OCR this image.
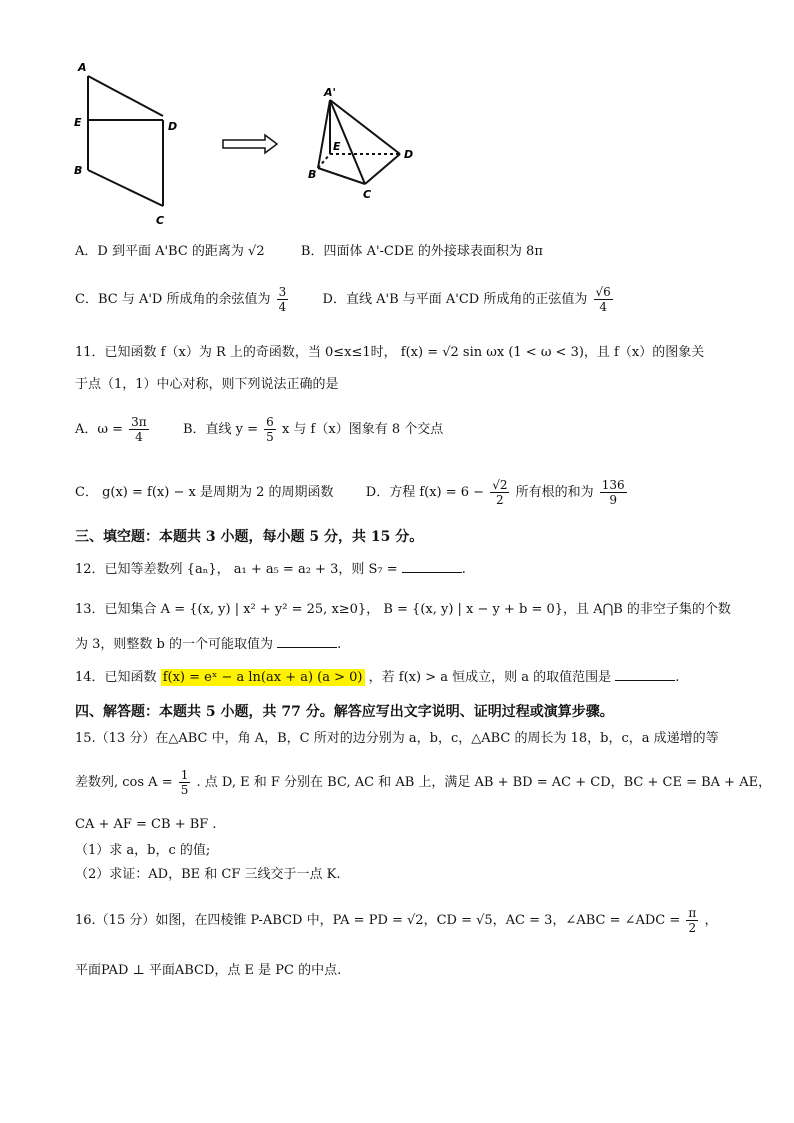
A
E	D
B
C
A'
E
D
B
C
A．D 到平面 A'BC 的距离为 √2	B．四面体 A'-CDE 的外接球表面积为 8π
C．BC 与 A'D 所成角的余弦值为 $\frac{3}{4}$	D．直线 A'B 与平面 A'CD 所成角的正弦值为 $\frac{√6}{4}$
11．已知函数 f（x）为 R 上的奇函数，当 0≤x≤1时， f(x) = √2 sin ωx (1 < ω < 3)，且 f（x）的图象关
于点（1，1）中心对称，则下列说法正确的是
A．$\omega = \frac{3\pi}{4}$	B．直线 $y = \frac{6}{5}$ x 与 f（x）图象有 8 个交点
C． g(x) = f(x) − x 是周期为 2 的周期函数 D．方程 $f(x) = 6 - \frac{√2}{2}$ 所有根的和为 $\frac{136}{9}$
三、填空题：本题共 3 小题，每小题 5 分，共 15 分。
12．已知等差数列 {aₙ}， a₁ + a₅ = a₂ + 3，则 S₇ =	.
13．已知集合 A = {(x, y) | x² + y² = 25, x≥0}， B = {(x, y) | x − y + b = 0}，且 A⋂B 的非空子集的个数
为 3，则整数 b 的一个可能取值为	.
14．已知函数 f(x) = eˣ − a ln(ax + a) (a > 0) ，若 f(x) > a 恒成立，则 a 的取值范围是	.
四、解答题：本题共 5 小题，共 77 分。解答应写出文字说明、证明过程或演算步骤。
15.（13 分）在△ABC 中，角 A，B，C 所对的边分别为 a，b，c，△ABC 的周长为 18，b，c，a 成递增的等
差数列, $\cos A = \frac{1}{5}$ . 点 D, E 和 F 分别在 BC, AC 和 AB 上，满足 AB + BD = AC + CD，BC + CE = BA + AE，
CA + AF = CB + BF .
（1）求 a，b，c 的值;
（2）求证：AD，BE 和 CF 三线交于一点 K.
16.（15 分）如图，在四棱锥 P-ABCD 中，PA = PD = √2，CD = √5，AC = 3，∠ABC = ∠ADC = $\frac{\pi}{2}$ ，
平面PAD ⊥ 平面ABCD，点 E 是 PC 的中点.
